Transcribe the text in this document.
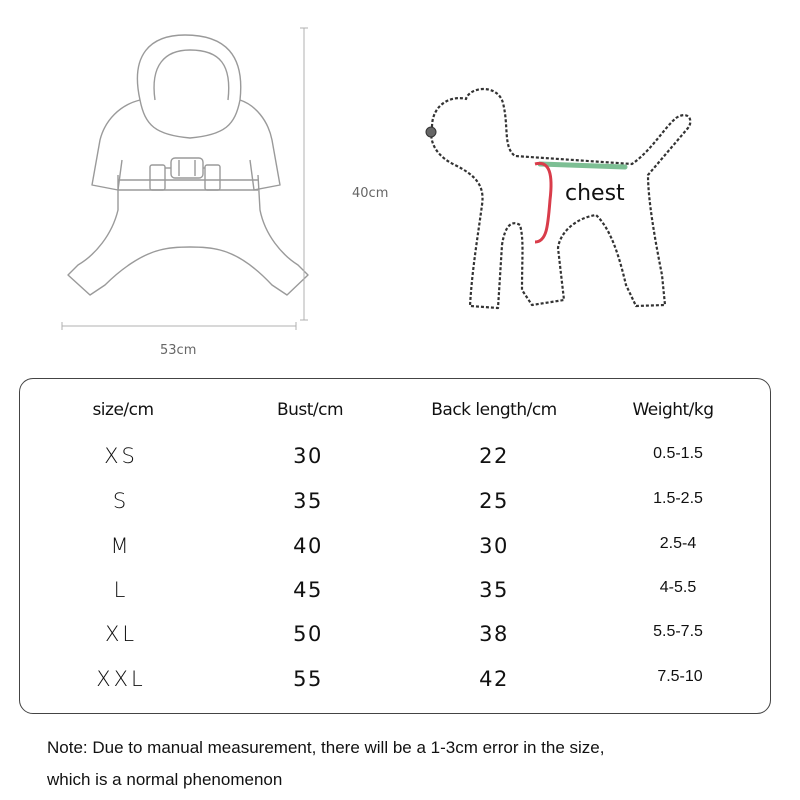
40cm
53cm
chest
size/cm	Bust/cm	Back length/cm	Weight/kg
XS	30	22	0.5-1.5
S	35	25	1.5-2.5
M	40	30	2.5-4
L	45	35	4-5.5
XL	50	38	5.5-7.5
XXL	55	42	7.5-10
Note: Due to manual measurement, there will be a 1-3cm error in the size,
which is a normal phenomenon
